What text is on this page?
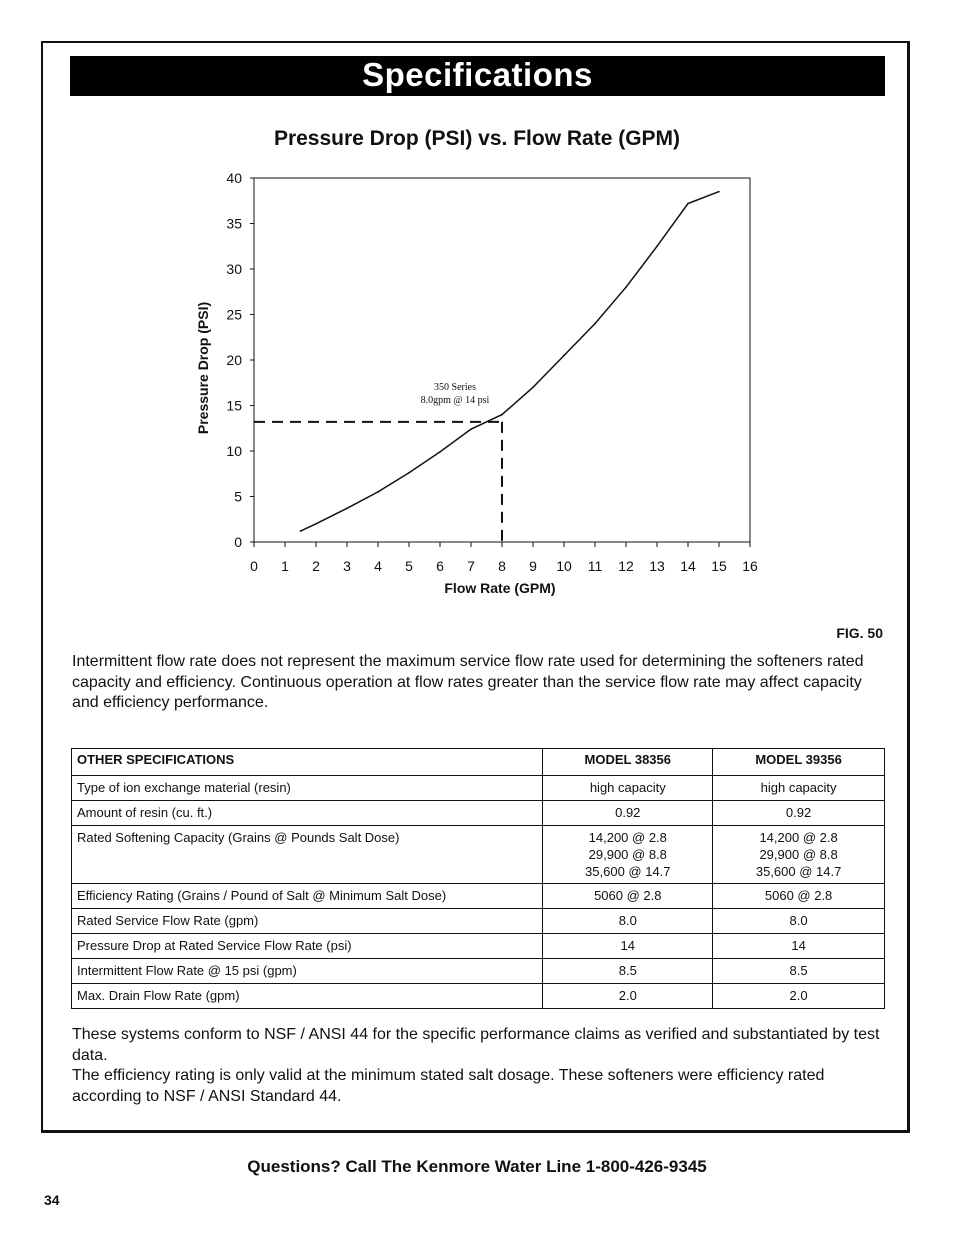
Specifications
Pressure Drop (PSI) vs. Flow Rate (GPM)
0
5
10
15
20
25
30
35
40
0 1 2 3 4 5 6 7 8 9 10 11 12 13 14 15 16
Flow Rate (GPM)
Pressure Drop (PSI)	350 Series
8.0gpm @ 14 psi
FIG. 50

Intermittent flow rate does not represent the maximum service flow rate used for determining the softeners rated capacity and efficiency. Continuous operation at flow rates greater than the service flow rate may affect capacity and efficiency performance.

OTHER SPECIFICATIONS	MODEL 38356	MODEL 39356
Type of ion exchange material (resin)	high capacity	high capacity
Amount of resin (cu. ft.)	0.92	0.92
Rated Softening Capacity (Grains @ Pounds Salt Dose)	14,200 @ 2.8
29,900 @ 8.8
35,600 @ 14.7	14,200 @ 2.8
29,900 @ 8.8
35,600 @ 14.7
Efficiency Rating (Grains / Pound of Salt @ Minimum Salt Dose)	5060 @ 2.8	5060 @ 2.8
Rated Service Flow Rate (gpm)	8.0	8.0
Pressure Drop at Rated Service Flow Rate (psi)	14	14
Intermittent Flow Rate @ 15 psi (gpm)	8.5	8.5
Max. Drain Flow Rate (gpm)	2.0	2.0

These systems conform to NSF / ANSI 44 for the specific performance claims as verified and substantiated by test data.

The efficiency rating is only valid at the minimum stated salt dosage. These softeners were efficiency rated according to NSF / ANSI Standard 44.

Questions? Call The Kenmore Water Line 1-800-426-9345
34
